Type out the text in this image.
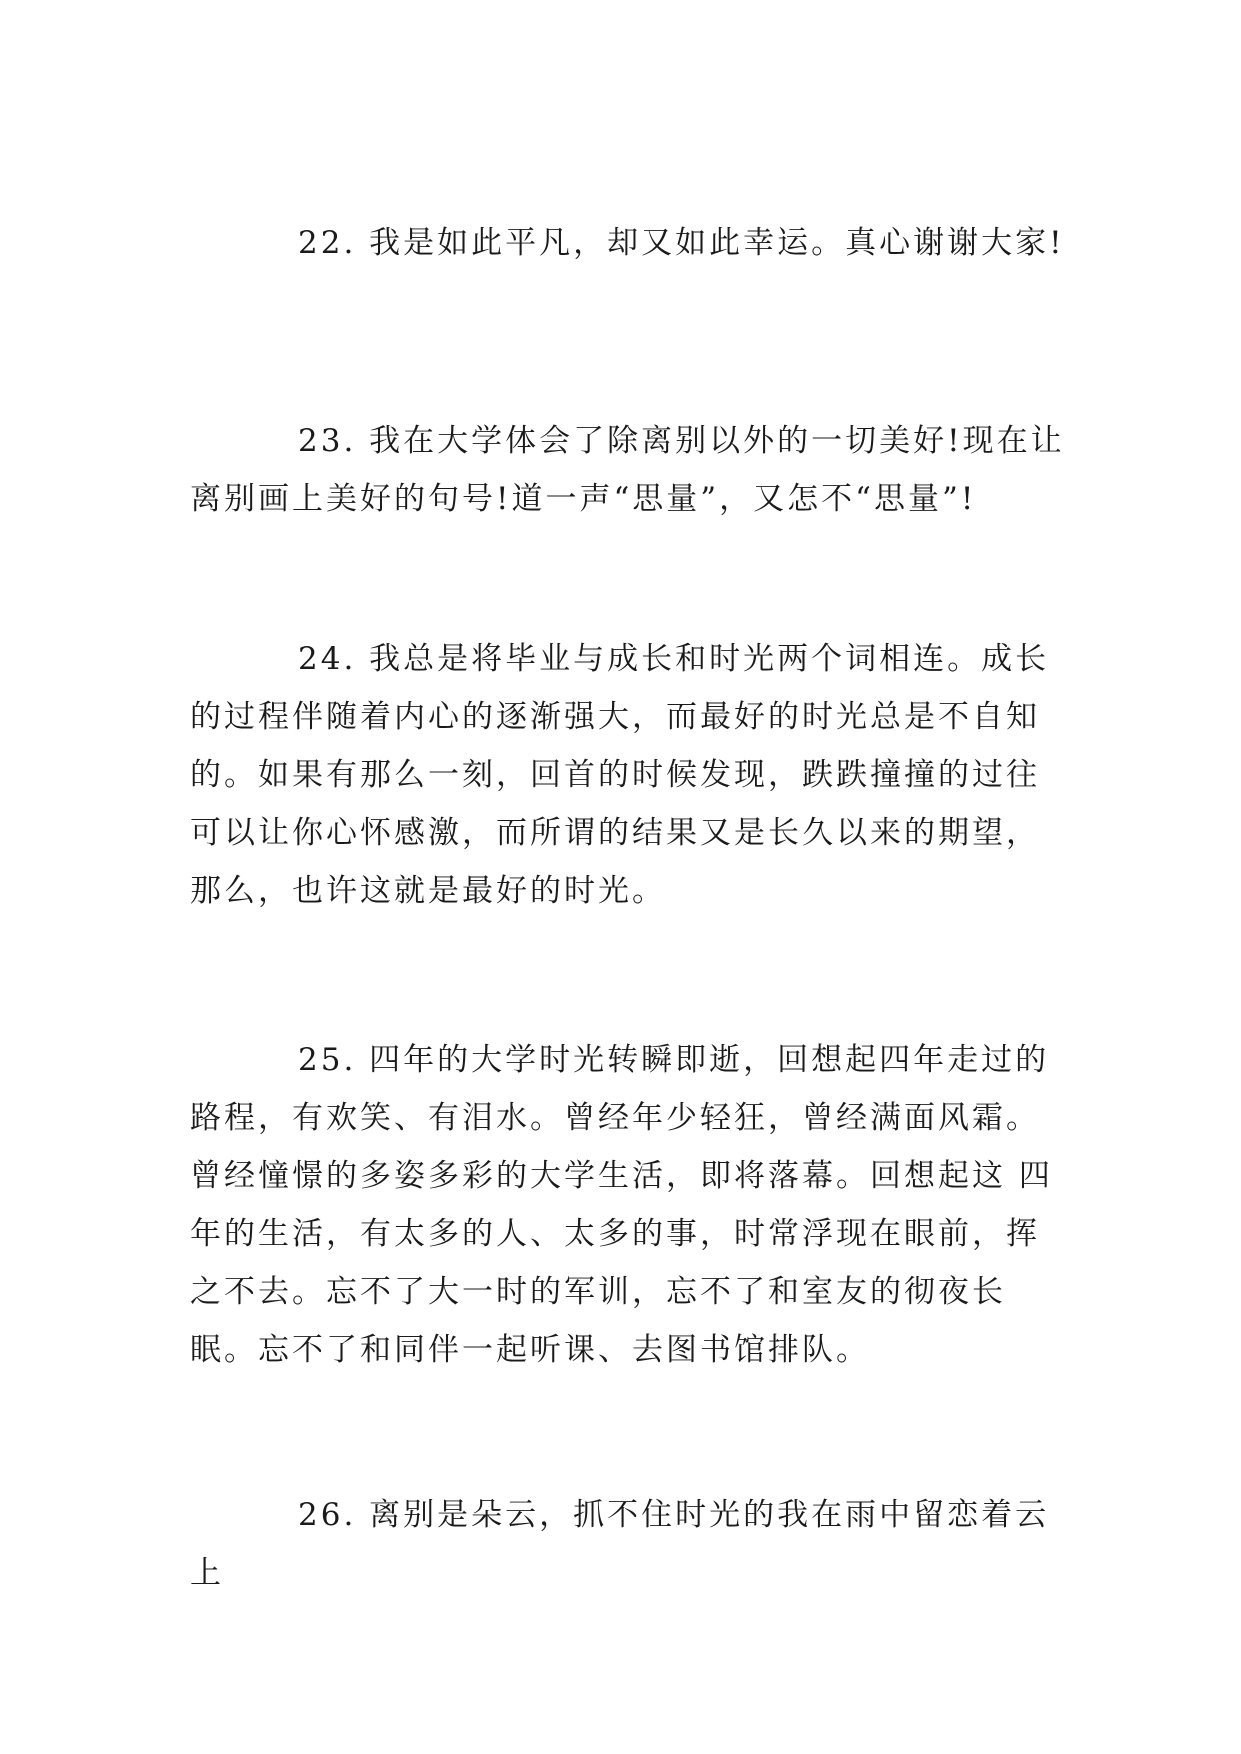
22. 我是如此平凡，却又如此幸运。真心谢谢大家!

23. 我在大学体会了除离别以外的一切美好!现在让离别画上美好的句号!道一声“思量”，又怎不“思量”!

24. 我总是将毕业与成长和时光两个词相连。成长的过程伴随着内心的逐渐强大，而最好的时光总是不自知的。如果有那么一刻，回首的时候发现，跌跌撞撞的过往可以让你心怀感激，而所谓的结果又是长久以来的期望，那么，也许这就是最好的时光。

25. 四年的大学时光转瞬即逝，回想起四年走过的路程，有欢笑、有泪水。曾经年少轻狂，曾经满面风霜。曾经憧憬的多姿多彩的大学生活，即将落幕。回想起这 四年的生活，有太多的人、太多的事，时常浮现在眼前，挥之不去。忘不了大一时的军训，忘不了和室友的彻夜长眠。忘不了和同伴一起听课、去图书馆排队。

26. 离别是朵云，抓不住时光的我在雨中留恋着云上
